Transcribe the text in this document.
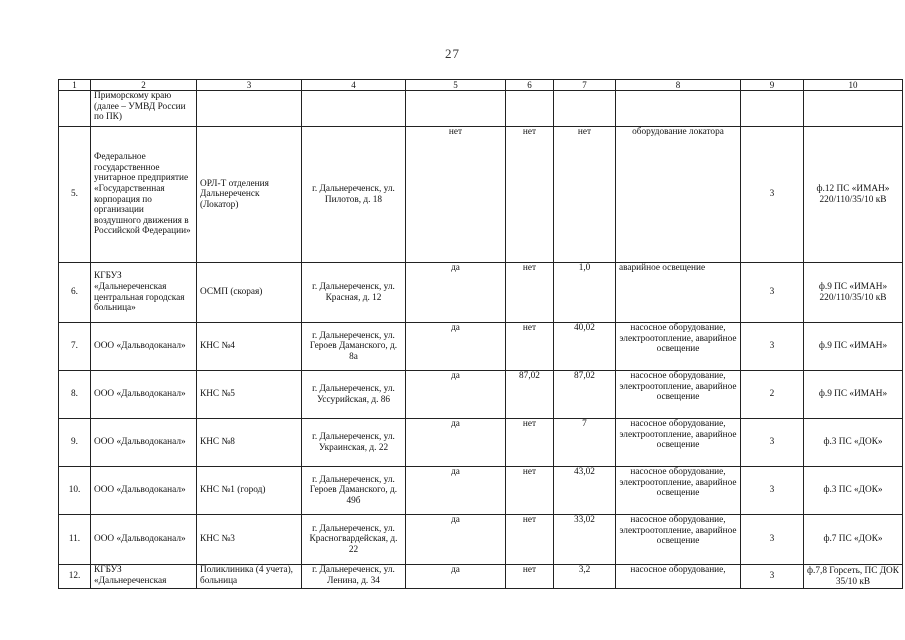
27
1	2	3	4	5	6	7	8	9	10
	Приморскому краю (далее – УМВД России по ПК)								
5.	Федеральное государственное унитарное предприятие «Государственная корпорация по организации воздушного движения в Российской Федерации»	ОРЛ-Т отделения Дальнереченск (Локатор)	г. Дальнереченск, ул. Пилотов, д. 18	нет	нет	нет	оборудование локатора	3	ф.12 ПС «ИМАН» 220/110/35/10 кВ
6.	КГБУЗ «Дальнереченская центральная городская больница»	ОСМП (скорая)	г. Дальнереченск, ул. Красная, д. 12	да	нет	1,0	аварийное освещение	3	ф.9 ПС «ИМАН» 220/110/35/10 кВ
7.	ООО «Дальводоканал»	КНС №4	г. Дальнереченск, ул. Героев Даманского, д. 8а	да	нет	40,02	насосное оборудование, электроотопление, аварийное освещение	3	ф.9 ПС «ИМАН»
8.	ООО «Дальводоканал»	КНС №5	г. Дальнереченск, ул. Уссурийская, д. 86	да	87,02	87,02	насосное оборудование, электроотопление, аварийное освещение	2	ф.9 ПС «ИМАН»
9.	ООО «Дальводоканал»	КНС №8	г. Дальнереченск, ул. Украинская, д. 22	да	нет	7	насосное оборудование, электроотопление, аварийное освещение	3	ф.3 ПС «ДОК»
10.	ООО «Дальводоканал»	КНС №1 (город)	г. Дальнереченск, ул. Героев Даманского, д. 49б	да	нет	43,02	насосное оборудование, электроотопление, аварийное освещение	3	ф.3 ПС «ДОК»
11.	ООО «Дальводоканал»	КНС №3	г. Дальнереченск, ул. Красногвардейская, д. 22	да	нет	33,02	насосное оборудование, электроотопление, аварийное освещение	3	ф.7 ПС «ДОК»
12.	КГБУЗ «Дальнереченская	Поликлиника (4 учета), больница	г. Дальнереченск, ул. Ленина, д. 34	да	нет	3,2	насосное оборудование,	3	ф.7,8 Горсеть, ПС ДОК 35/10 кВ
